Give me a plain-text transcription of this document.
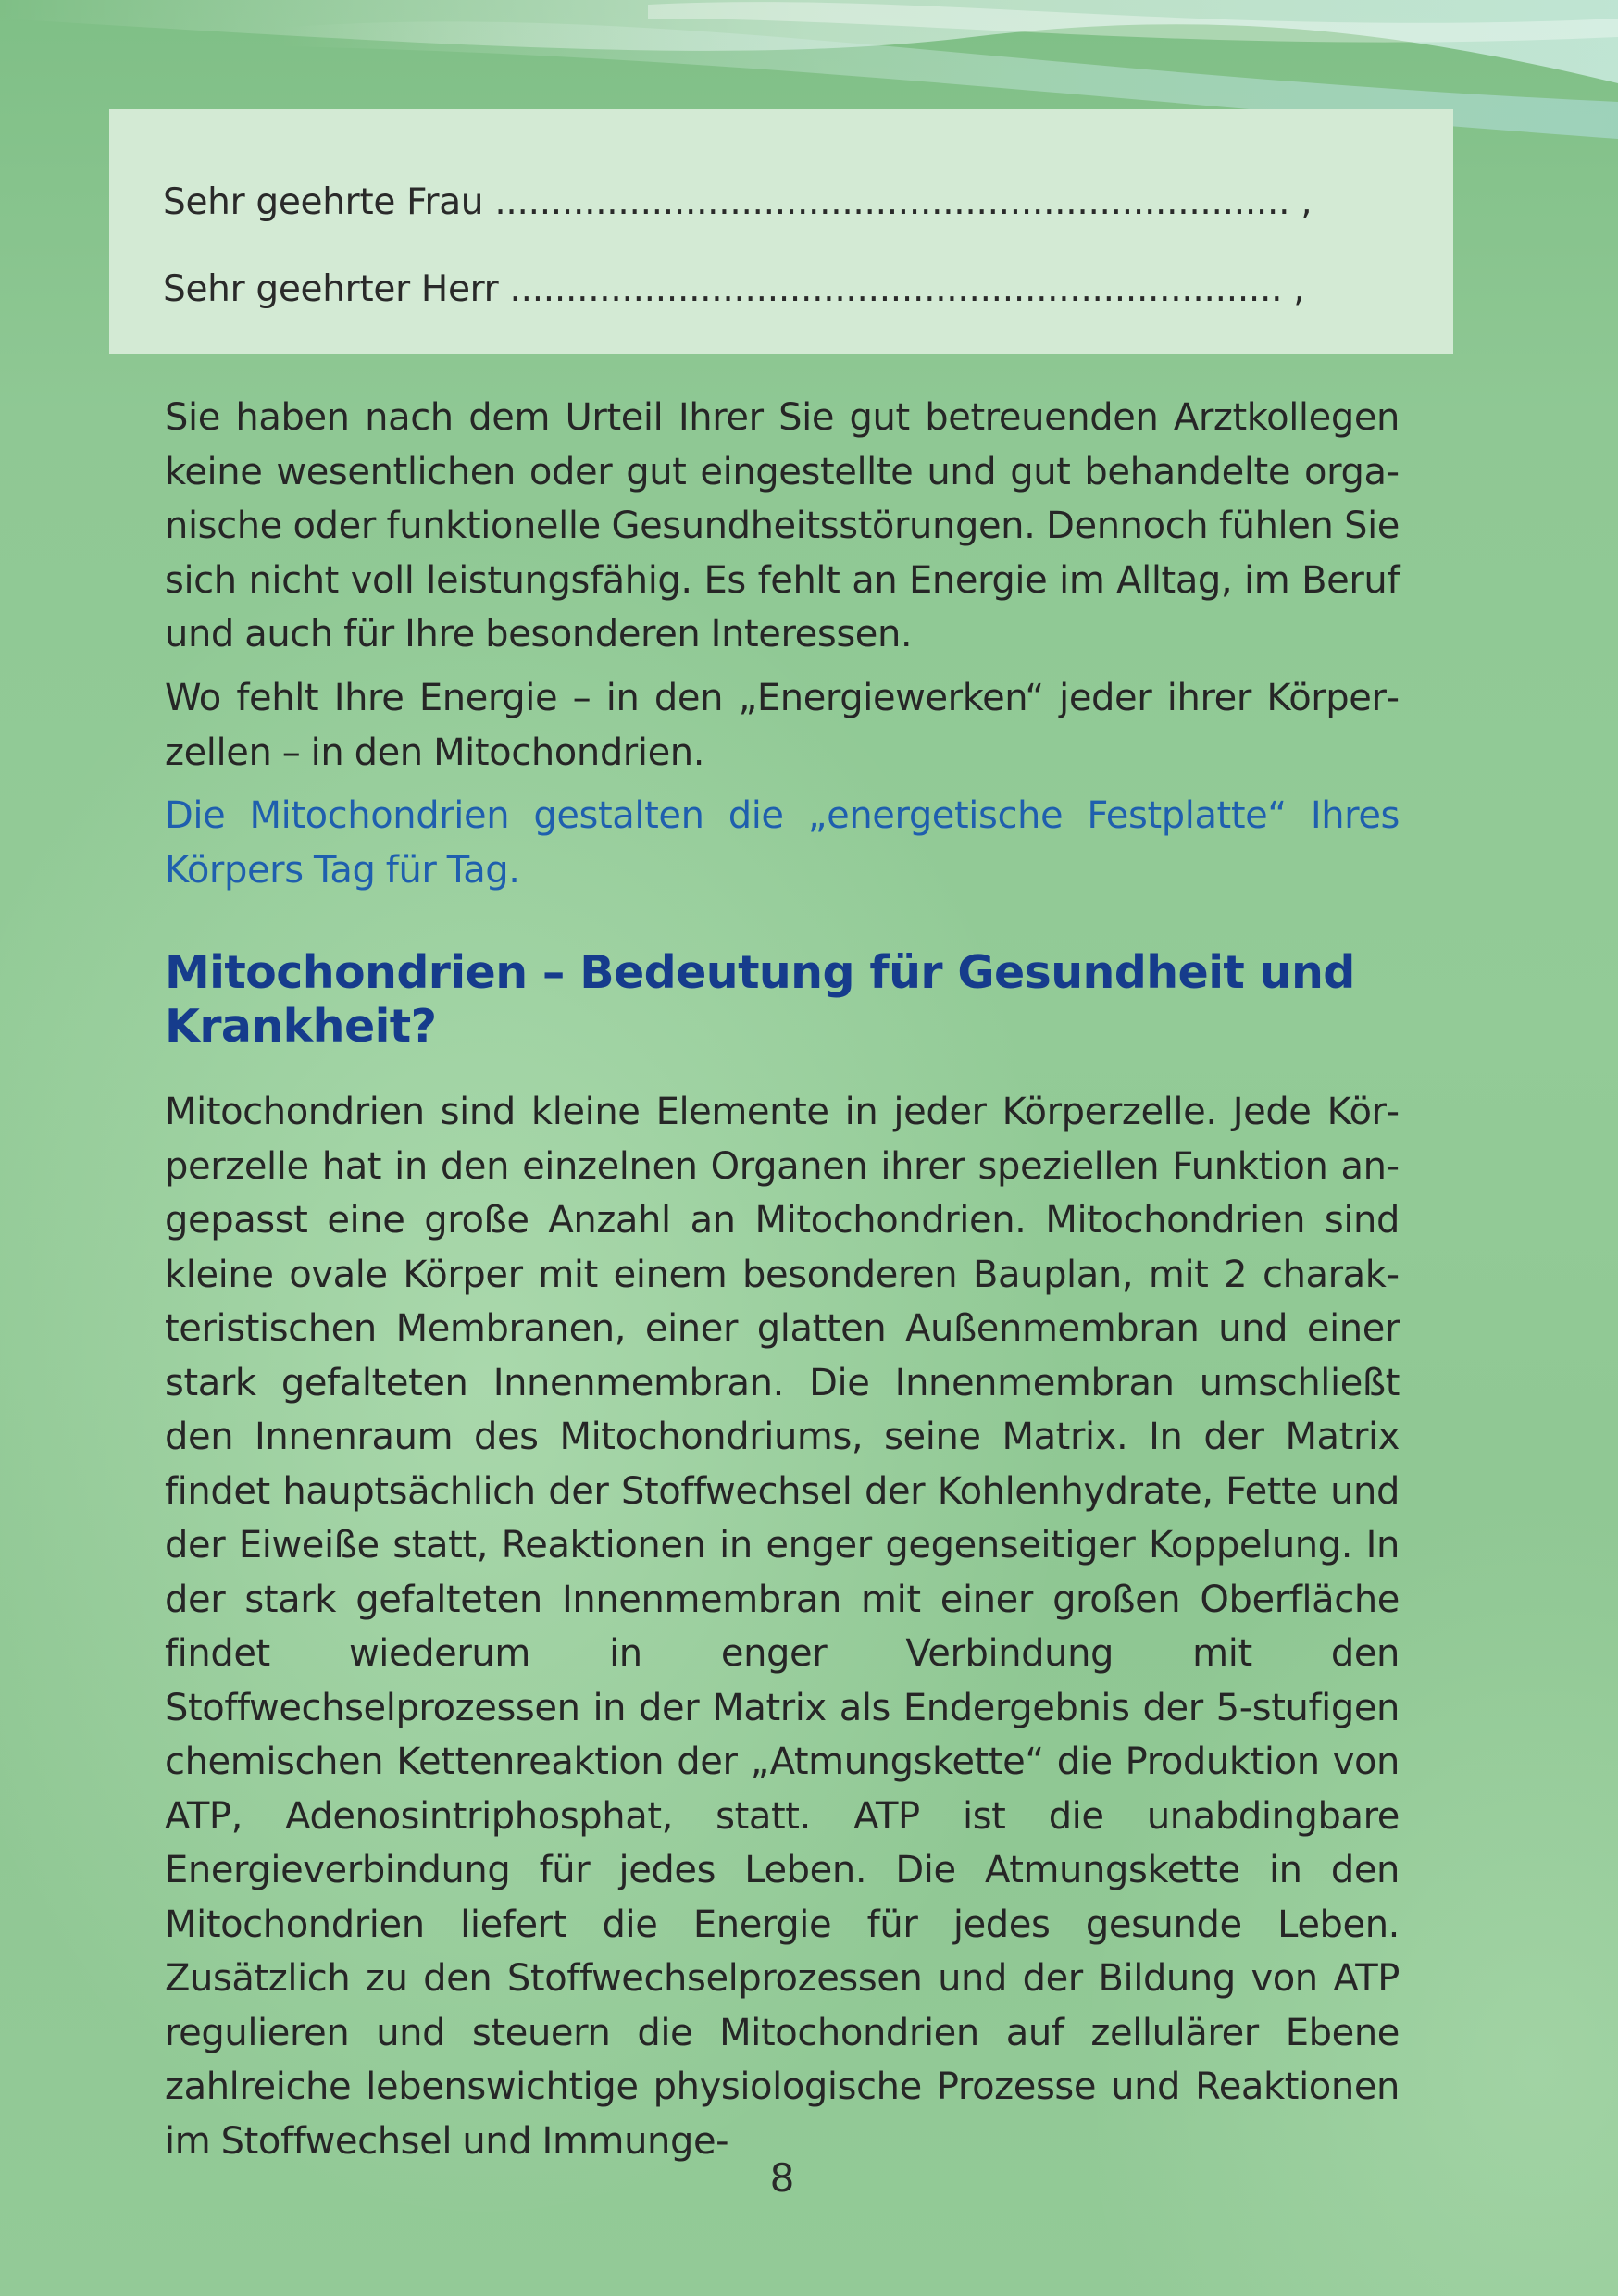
Sehr geehrte Frau ....................................................................... ,
Sehr geehrter Herr ..................................................................... ,

Sie haben nach dem Urteil Ihrer Sie gut betreuenden Arztkollegen keine wesentlichen oder gut eingestellte und gut behandelte organische oder funktionelle Gesundheitsstörungen. Dennoch fühlen Sie sich nicht voll leistungsfähig. Es fehlt an Energie im Alltag, im Beruf und auch für Ihre besonderen Interessen.

Wo fehlt Ihre Energie – in den „Energiewerken“ jeder ihrer Körperzellen – in den Mitochondrien.

Die Mitochondrien gestalten die „energetische Festplatte“ Ihres Körpers Tag für Tag.

Mitochondrien – Bedeutung für Gesundheit und Krankheit?

Mitochondrien sind kleine Elemente in jeder Körperzelle. Jede Körperzelle hat in den einzelnen Organen ihrer speziellen Funktion angepasst eine große Anzahl an Mitochondrien. Mitochondrien sind kleine ovale Körper mit einem besonderen Bauplan, mit 2 charakteristischen Membranen, einer glatten Außenmembran und einer stark gefalteten Innenmembran. Die Innenmembran umschließt den Innenraum des Mitochondriums, seine Matrix. In der Matrix findet hauptsächlich der Stoffwechsel der Kohlenhydrate, Fette und der Eiweiße statt, Reaktionen in enger gegenseitiger Koppelung. In der stark gefalteten Innenmembran mit einer großen Oberfläche findet wiederum in enger Verbindung mit den Stoffwechselprozessen in der Matrix als Endergebnis der 5-stufigen chemischen Kettenreaktion der „Atmungskette“ die Produktion von ATP, Adenosintriphosphat, statt. ATP ist die unabdingbare Energieverbindung für jedes Leben. Die Atmungskette in den Mitochondrien liefert die Energie für jedes gesunde Leben. Zusätzlich zu den Stoffwechselprozessen und der Bildung von ATP regulieren und steuern die Mitochondrien auf zellulärer Ebene zahlreiche lebenswichtige physiologische Prozesse und Reaktionen im Stoffwechsel und Immunge-

8
